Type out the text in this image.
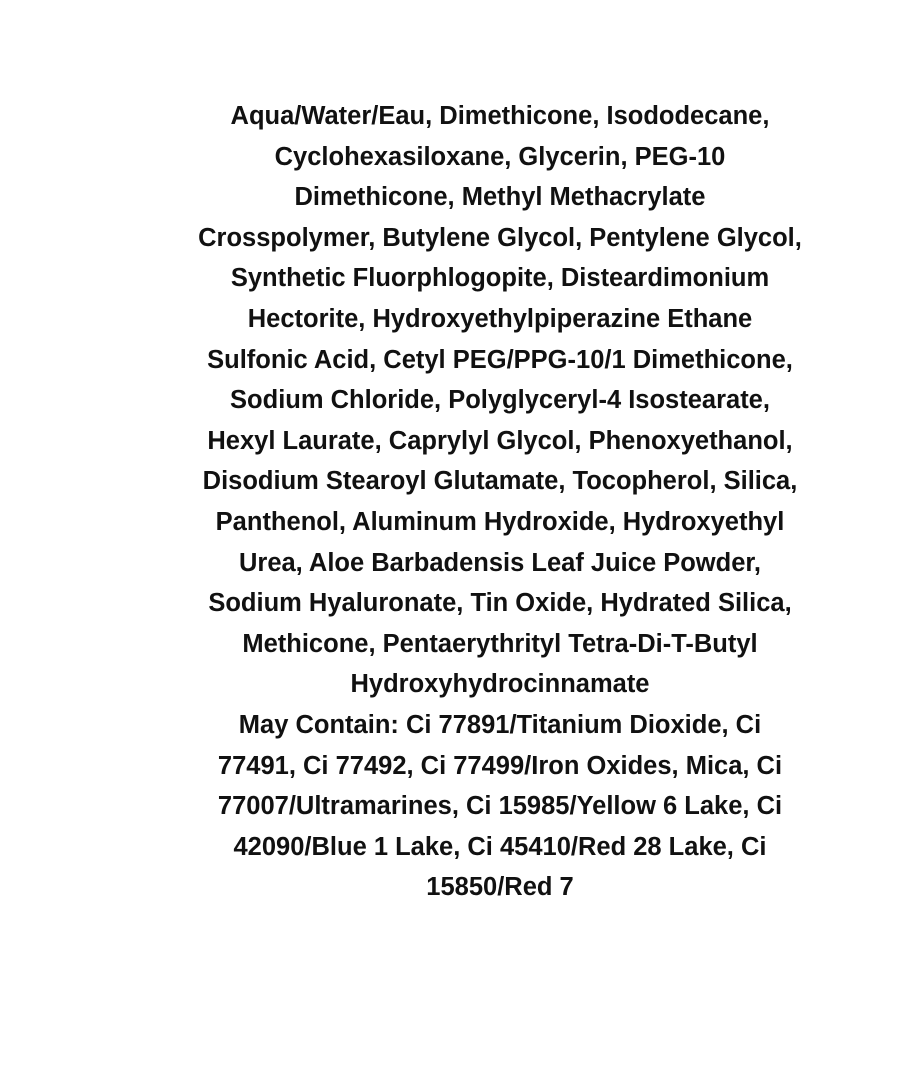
Aqua/Water/Eau, Dimethicone, Isododecane,
Cyclohexasiloxane, Glycerin, PEG-10
Dimethicone, Methyl Methacrylate
Crosspolymer, Butylene Glycol, Pentylene Glycol,
Synthetic Fluorphlogopite, Disteardimonium
Hectorite, Hydroxyethylpiperazine Ethane
Sulfonic Acid, Cetyl PEG/PPG-10/1 Dimethicone,
Sodium Chloride, Polyglyceryl-4 Isostearate,
Hexyl Laurate, Caprylyl Glycol, Phenoxyethanol,
Disodium Stearoyl Glutamate, Tocopherol, Silica,
Panthenol, Aluminum Hydroxide, Hydroxyethyl
Urea, Aloe Barbadensis Leaf Juice Powder,
Sodium Hyaluronate, Tin Oxide, Hydrated Silica,
Methicone, Pentaerythrityl Tetra-Di-T-Butyl
Hydroxyhydrocinnamate
May Contain: Ci 77891/Titanium Dioxide, Ci
77491, Ci 77492, Ci 77499/Iron Oxides, Mica, Ci
77007/Ultramarines, Ci 15985/Yellow 6 Lake, Ci
42090/Blue 1 Lake, Ci 45410/Red 28 Lake, Ci
15850/Red 7
